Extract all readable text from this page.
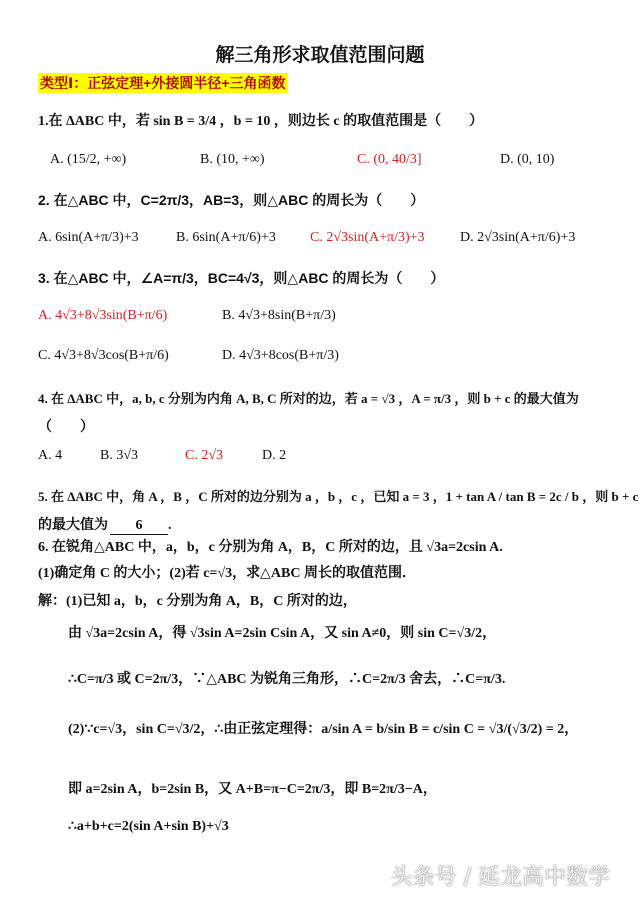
解三角形求取值范围问题
类型Ⅰ：正弦定理+外接圆半径+三角函数
1.在 ΔABC 中，若 sin B = 3/4 ，b = 10 ，则边长 c 的取值范围是（　　）
A. (15/2, +∞)	B. (10, +∞)	C. (0, 40/3]	D. (0, 10)
2. 在△ABC 中，C=2π/3，AB=3，则△ABC 的周长为（　　）
A. 6sin(A+π/3)+3	B. 6sin(A+π/6)+3 C. 2√3sin(A+π/3)+3	D. 2√3sin(A+π/6)+3
3. 在△ABC 中，∠A=π/3，BC=4√3，则△ABC 的周长为（　　）
A. 4√3+8√3sin(B+π/6)	B. 4√3+8sin(B+π/3)
C. 4√3+8√3cos(B+π/6)	D. 4√3+8cos(B+π/3)
4. 在 ΔABC 中，a, b, c 分别为内角 A, B, C 所对的边，若 a = √3 ，A = π/3 ，则 b + c 的最大值为
（　　）
A. 4	B. 3√3	C. 2√3	D. 2
5. 在 ΔABC 中，角 A ，B ，C 所对的边分别为 a ，b ，c ，已知 a = 3 ，1 + tan A / tan B = 2c / b ，则 b + c
的最大值为 6 .
6. 在锐角△ABC 中，a，b，c 分别为角 A，B，C 所对的边，且 √3a=2csin A.
(1)确定角 C 的大小；(2)若 c=√3，求△ABC 周长的取值范围．
解：(1)已知 a，b，c 分别为角 A，B，C 所对的边，
由 √3a=2csin A，得 √3sin A=2sin Csin A，又 sin A≠0，则 sin C=√3/2，
∴C=π/3 或 C=2π/3，∵△ABC 为锐角三角形，∴C=2π/3 舍去，∴C=π/3.
(2)∵c=√3，sin C=√3/2，∴由正弦定理得：a/sin A = b/sin B = c/sin C = √3/(√3/2) = 2，
即 a=2sin A，b=2sin B，又 A+B=π−C=2π/3，即 B=2π/3−A，
∴a+b+c=2(sin A+sin B)+√3
头条号 / 延龙高中数学
